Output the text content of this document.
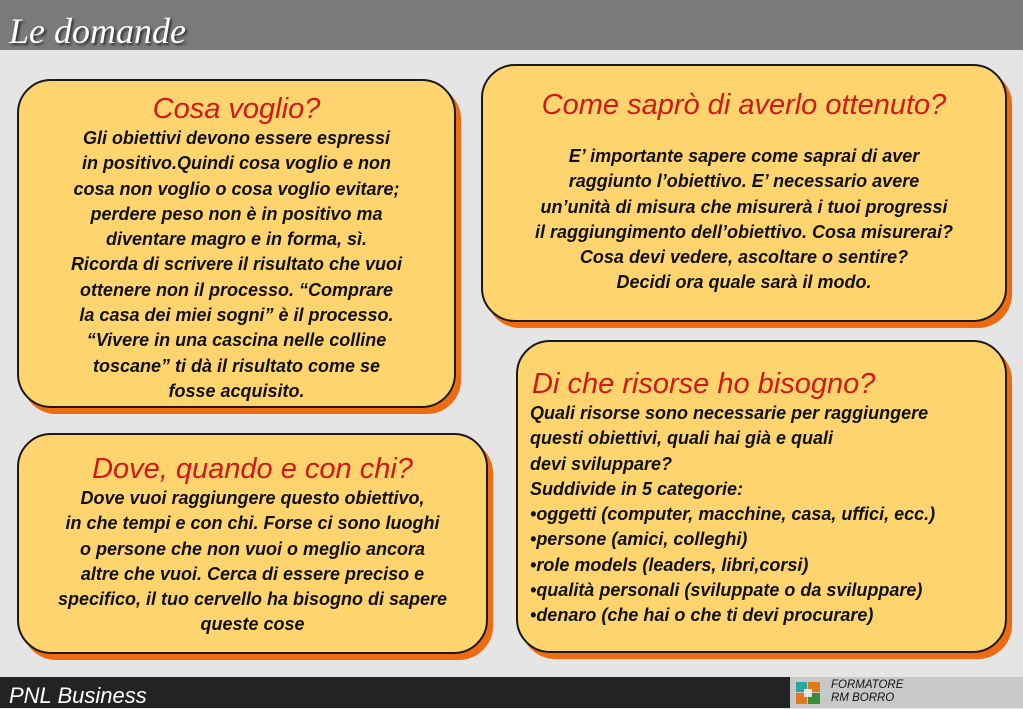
Le domande
Cosa voglio?

Gli obiettivi devono essere espressi

in positivo.Quindi cosa voglio e non

cosa non voglio o cosa voglio evitare;

perdere peso non è in positivo ma

diventare magro e in forma, sì.

Ricorda di scrivere il risultato che vuoi

ottenere non il processo. “Comprare

la casa dei miei sogni” è il processo.

“Vivere in una cascina nelle colline

toscane” ti dà il risultato come se

fosse acquisito.

Come saprò di averlo ottenuto?

E’ importante sapere come saprai di aver

raggiunto l’obiettivo. E’ necessario avere

un’unità di misura che misurerà i tuoi progressi

il raggiungimento dell’obiettivo. Cosa misurerai?

Cosa devi vedere, ascoltare o sentire?

Decidi ora quale sarà il modo.

Dove, quando e con chi?

Dove vuoi raggiungere questo obiettivo,

in che tempi e con chi. Forse ci sono luoghi

o persone che non vuoi o meglio ancora

altre che vuoi. Cerca di essere preciso e

specifico, il tuo cervello ha bisogno di sapere

queste cose

Di che risorse ho bisogno?

Quali risorse sono necessarie per raggiungere

questi obiettivi, quali hai già e quali

devi sviluppare?

Suddivide in 5 categorie:

•oggetti (computer, macchine, casa, uffici, ecc.)
•persone (amici, colleghi)
•role models (leaders, libri,corsi)
•qualità personali (sviluppate o da sviluppare)
•denaro (che hai o che ti devi procurare)
PNL Business	FORMATORE
RM BORRO
